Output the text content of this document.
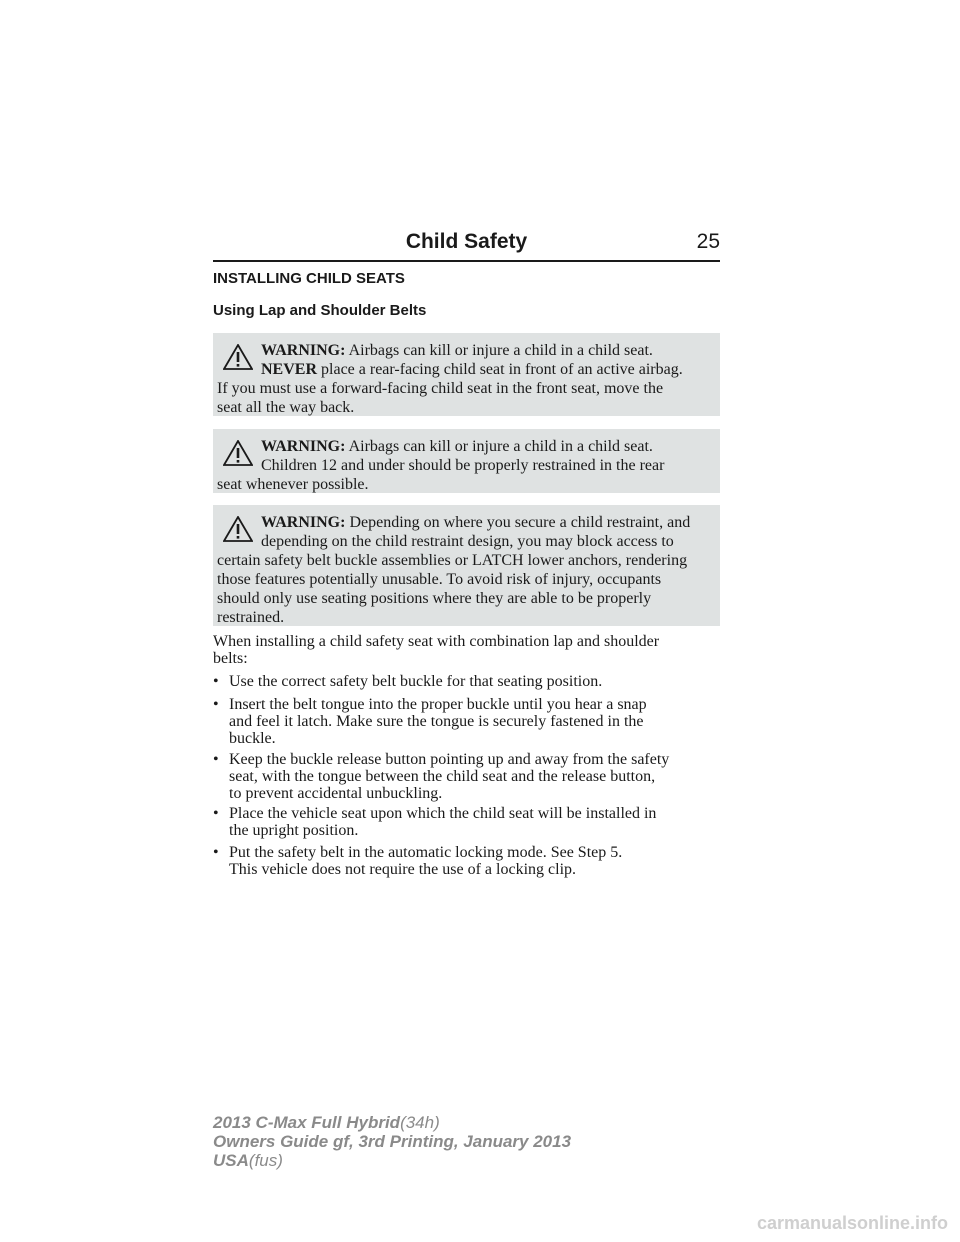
Child Safety	25
INSTALLING CHILD SEATS
Using Lap and Shoulder Belts
WARNING: Airbags can kill or injure a child in a child seat.
NEVER place a rear-facing child seat in front of an active airbag.
If you must use a forward-facing child seat in the front seat, move the
seat all the way back.
WARNING: Airbags can kill or injure a child in a child seat.
Children 12 and under should be properly restrained in the rear
seat whenever possible.
WARNING: Depending on where you secure a child restraint, and
depending on the child restraint design, you may block access to
certain safety belt buckle assemblies or LATCH lower anchors, rendering
those features potentially unusable. To avoid risk of injury, occupants
should only use seating positions where they are able to be properly
restrained.
When installing a child safety seat with combination lap and shoulder
belts:
• Use the correct safety belt buckle for that seating position.
• Insert the belt tongue into the proper buckle until you hear a snap
and feel it latch. Make sure the tongue is securely fastened in the
buckle.
• Keep the buckle release button pointing up and away from the safety
seat, with the tongue between the child seat and the release button,
to prevent accidental unbuckling.
• Place the vehicle seat upon which the child seat will be installed in
the upright position.
• Put the safety belt in the automatic locking mode. See Step 5.
This vehicle does not require the use of a locking clip.
2013 C-Max Full Hybrid(34h)
Owners Guide gf, 3rd Printing, January 2013
USA(fus)
carmanualsonline.info
